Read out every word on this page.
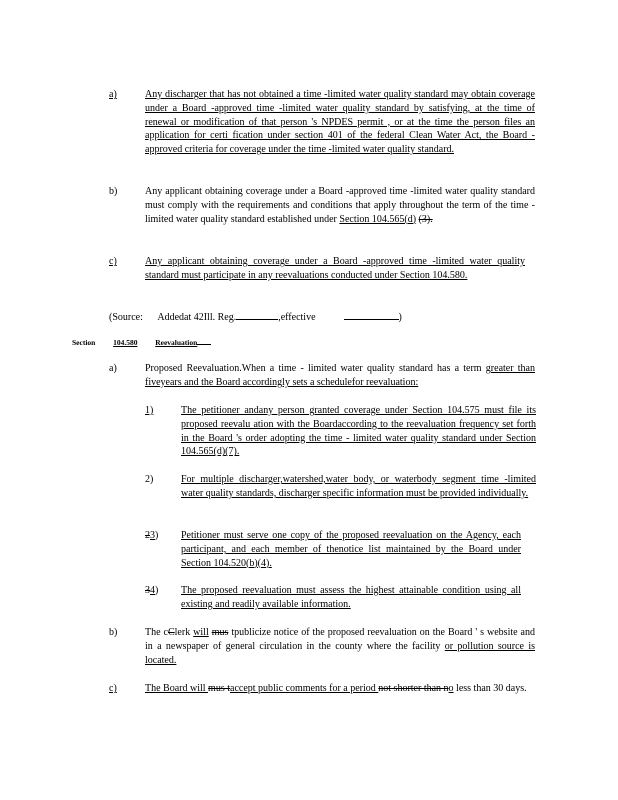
a)	Any discharger that has not obtained a time -limited water quality standard may obtain coverage under a Board -approved time -limited water quality standard by satisfying, at the time of renewal or modification of that person 's NPDES permit , or at the time the person files an application for certi fication under section 401 of the federal Clean Water Act, the Board -approved criteria for coverage under the time -limited water quality standard.
b)	Any applicant obtaining coverage under a Board -approved time -limited water quality standard must comply with the requirements and conditions that apply throughout the term of the time -limited water quality standard established under Section 104.565(d) (3).
c)	Any applicant obtaining coverage under a Board -approved time -limited water quality standard must participate in any reevaluations conducted under Section 104.580.
(Source: Addedat 42Ill. Reg.	,effective	)
Section 104.580 Reevaluation
a)	Proposed Reevaluation.When a time - limited water quality standard has a term greater than fiveyears and the Board accordingly sets a schedulefor reevaluation:
1)	The petitioner andany person granted coverage under Section 104.575 must file its proposed reevalu ation with the Boardaccording to the reevaluation frequency set forth in the Board 's order adopting the time - limited water quality standard under Section 104.565(d)(7).
2)	For multiple discharger,watershed,water body, or waterbody segment time -limited water quality standards, discharger specific information must be provided individually.
23) Petitioner must serve one copy of the proposed reevaluation on the Agency, each participant, and each member of thenotice list maintained by the Board under Section 104.520(b)(4).
34) The proposed reevaluation must assess the highest attainable condition using all existing and readily available information.
b)	The cClerk will mus tpublicize notice of the proposed reevaluation on the Board ' s website and in a newspaper of general circulation in the county where the facility or pollution source is located.
c)	The Board will mus taccept public comments for a period not shorter than no less than 30 days.
